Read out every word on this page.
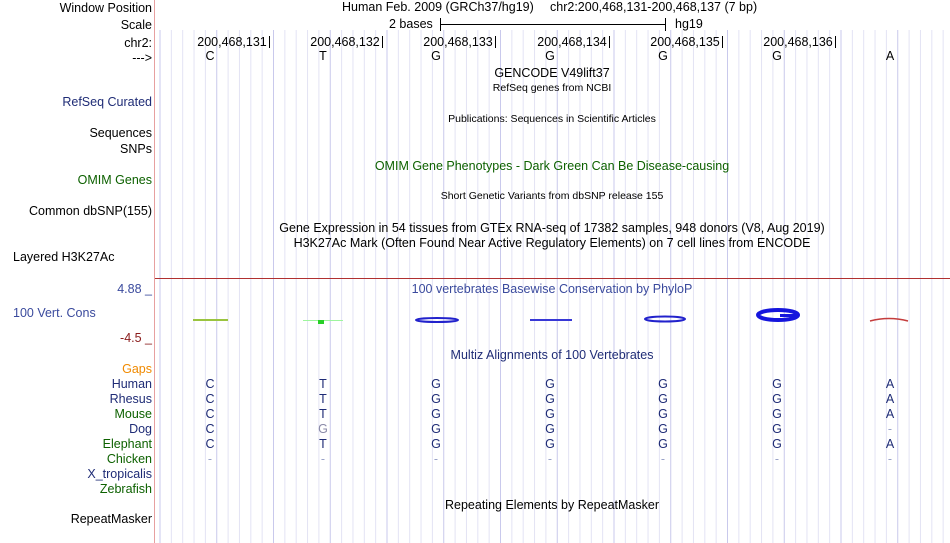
Window Position
Scale
chr2:
--->
Human Feb. 2009 (GRCh37/hg19) chr2:200,468,131-200,468,137 (7 bp)
2 bases	hg19
200,468,131	200,468,132	200,468,133	200,468,134	200,468,135	200,468,136
C	T	G	G	G	G	A
GENCODE V49lift37
RefSeq genes from NCBI
RefSeq Curated
Publications: Sequences in Scientific Articles
Sequences
SNPs
OMIM Gene Phenotypes - Dark Green Can Be Disease-causing
OMIM Genes
Short Genetic Variants from dbSNP release 155
Common dbSNP(155)
Gene Expression in 54 tissues from GTEx RNA-seq of 17382 samples, 948 donors (V8, Aug 2019)
H3K27Ac Mark (Often Found Near Active Regulatory Elements) on 7 cell lines from ENCODE
Layered H3K27Ac
4.88 _	100 vertebrates Basewise Conservation by PhyloP
100 Vert. Cons
-4.5 _
Multiz Alignments of 100 Vertebrates
Gaps
Human	C	T	G	G	G	G	A
Rhesus	C	T	G	G	G	G	A
Mouse	C	T	G	G	G	G	A
Dog	C	G	G	G	G	G	-
Elephant	C	T	G	G	G	G	A
Chicken	-	-	-	-	-	-	-
X_tropicalis
Zebrafish
Repeating Elements by RepeatMasker
RepeatMasker
